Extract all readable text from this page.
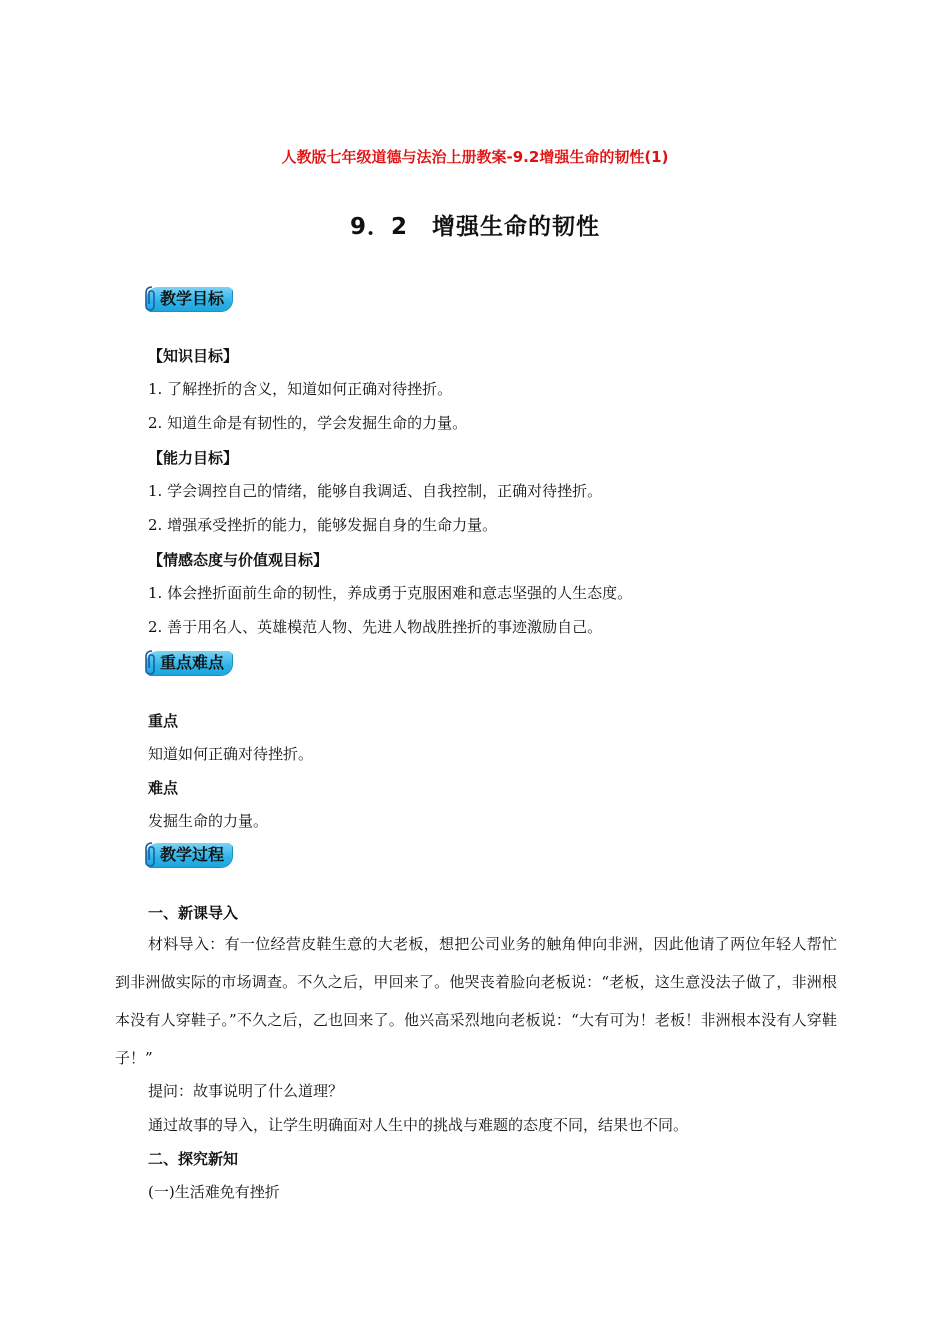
人教版七年级道德与法治上册教案-9.2增强生命的韧性(1)
9．2　增强生命的韧性
教学目标
【知识目标】
1. 了解挫折的含义，知道如何正确对待挫折。
2. 知道生命是有韧性的，学会发掘生命的力量。
【能力目标】
1. 学会调控自己的情绪，能够自我调适、自我控制，正确对待挫折。
2. 增强承受挫折的能力，能够发掘自身的生命力量。
【情感态度与价值观目标】
1. 体会挫折面前生命的韧性，养成勇于克服困难和意志坚强的人生态度。
2. 善于用名人、英雄模范人物、先进人物战胜挫折的事迹激励自己。
重点难点
重点
知道如何正确对待挫折。
难点
发掘生命的力量。
教学过程
一、新课导入
材料导入：有一位经营皮鞋生意的大老板，想把公司业务的触角伸向非洲，因此他请了两位年轻人帮忙到非洲做实际的市场调查。不久之后，甲回来了。他哭丧着脸向老板说：“老板，这生意没法子做了，非洲根本没有人穿鞋子。”不久之后，乙也回来了。他兴高采烈地向老板说：“大有可为！老板！非洲根本没有人穿鞋子！”
提问：故事说明了什么道理？
通过故事的导入，让学生明确面对人生中的挑战与难题的态度不同，结果也不同。
二、探究新知
(一)生活难免有挫折
